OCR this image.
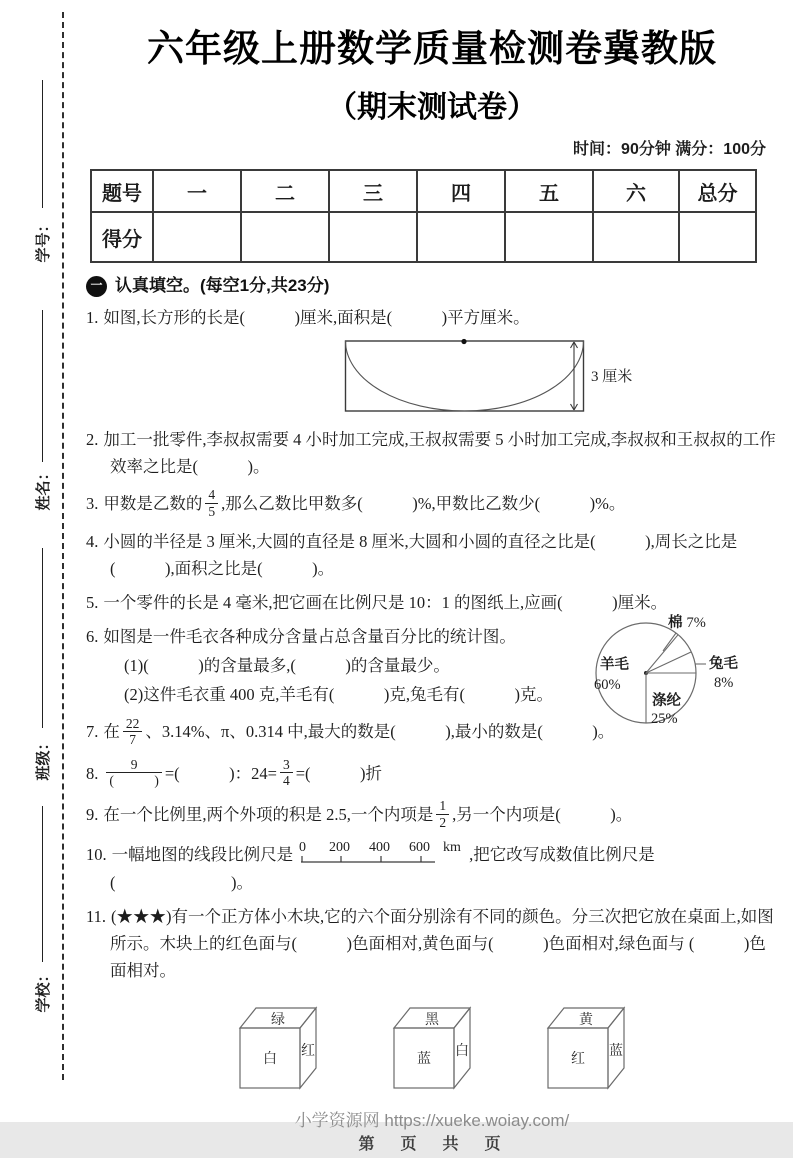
学号：
姓名：
班级：
学校：
六年级上册数学质量检测卷冀教版
（期末测试卷）
时间：90分钟 满分：100分
题号	一	二	三	四	五	六	总分
得分							
一 认真填空。(每空1分,共23分)
1. 如图,长方形的长是(　　　)厘米,面积是(　　　)平方厘米。
3 厘米
2. 加工一批零件,李叔叔需要 4 小时加工完成,王叔叔需要 5 小时加工完成,李叔叔和王叔叔的工作效率之比是(　　　)。
3. 甲数是乙数的 $\frac{4}{5}$ ,那么乙数比甲数多(　　　)%,甲数比乙数少(　　　)%。
4. 小圆的半径是 3 厘米,大圆的直径是 8 厘米,大圆和小圆的直径之比是(　　　),周长之比是 (　　　),面积之比是(　　　)。
5. 一个零件的长是 4 毫米,把它画在比例尺是 10：1 的图纸上,应画(　　　)厘米。
6. 如图是一件毛衣各种成分含量占总含量百分比的统计图。
(1)(　　　)的含量最多,(　　　)的含量最少。
(2)这件毛衣重 400 克,羊毛有(　　　)克,兔毛有(　　　)克。
棉 7%
羊毛
60%
涤纶
25%
兔毛
8%
7. 在 $\frac{22}{7}$ 、3.14%、π、0.314 中,最大的数是(　　　),最小的数是(　　　)。
8. $\frac{9}{( )}$ =(　　　)：$24= \frac{3}{4}$ =(　　　)折
9. 在一个比例里,两个外项的积是 2.5,一个内项是 $\frac{1}{2}$ ,另一个内项是(　　　)。
10. 一幅地图的线段比例尺是 0 200 400 600 km ,把它改写成数值比例尺是(　　　　　　　)。
11. (★★★)有一个正方体小木块,它的六个面分别涂有不同的颜色。分三次把它放在桌面上,如图所示。木块上的红色面与(　　　)色面相对,黄色面与(　　　)色面相对,绿色面与 (　　　)色面相对。
绿
白
红
黑
蓝
白
黄
红
蓝
小学资源网 https://xueke.woiay.com/
第　页　共　页
